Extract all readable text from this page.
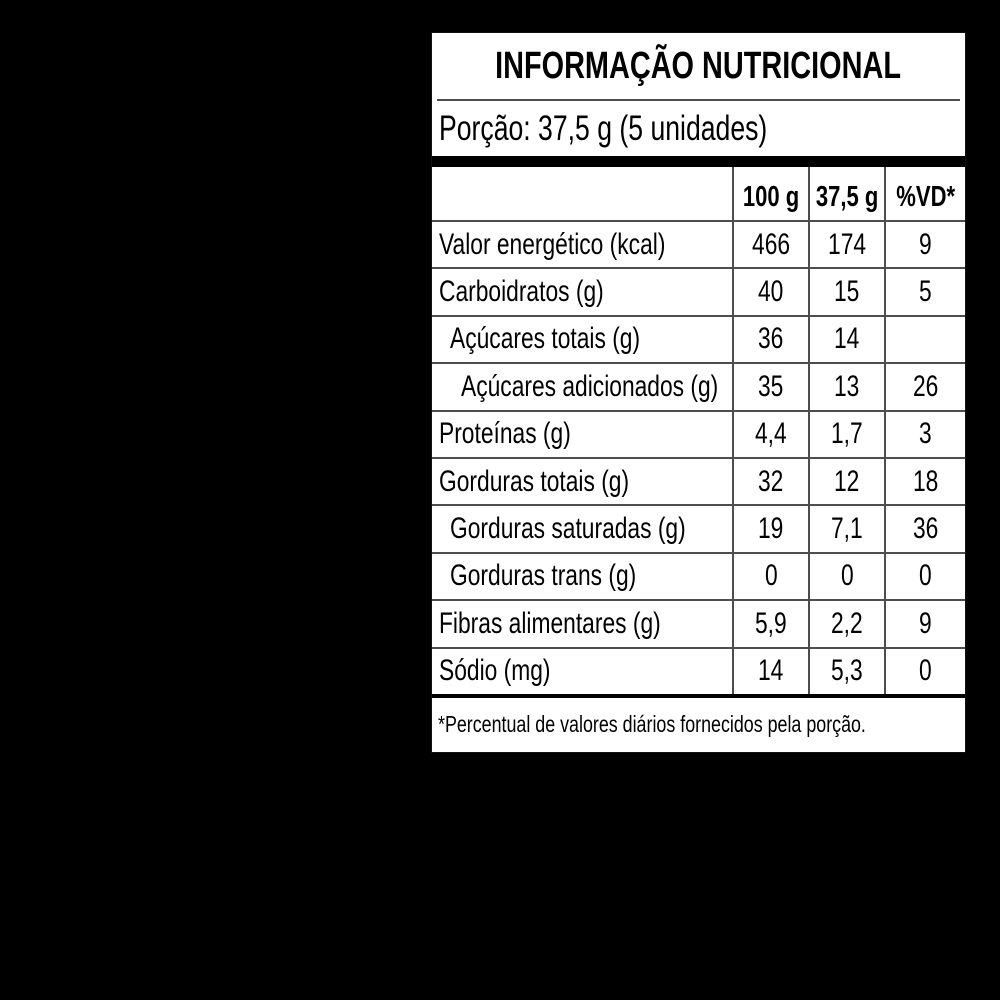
INFORMAÇÃO NUTRICIONAL
Porção: 37,5 g (5 unidades)
100 g 37,5 g %VD*
Valor energético (kcal)	466 174 9
Carboidratos (g)	40 15 5
Açúcares totais (g)	36 14
Açúcares adicionados (g) 35 13 26
Proteínas (g)	4,4 1,7 3
Gorduras totais (g)	32 12 18
Gorduras saturadas (g) 19 7,1 36
Gorduras trans (g)	0 0 0
Fibras alimentares (g)	5,9 2,2 9
Sódio (mg)	14 5,3 0
*Percentual de valores diários fornecidos pela porção.
